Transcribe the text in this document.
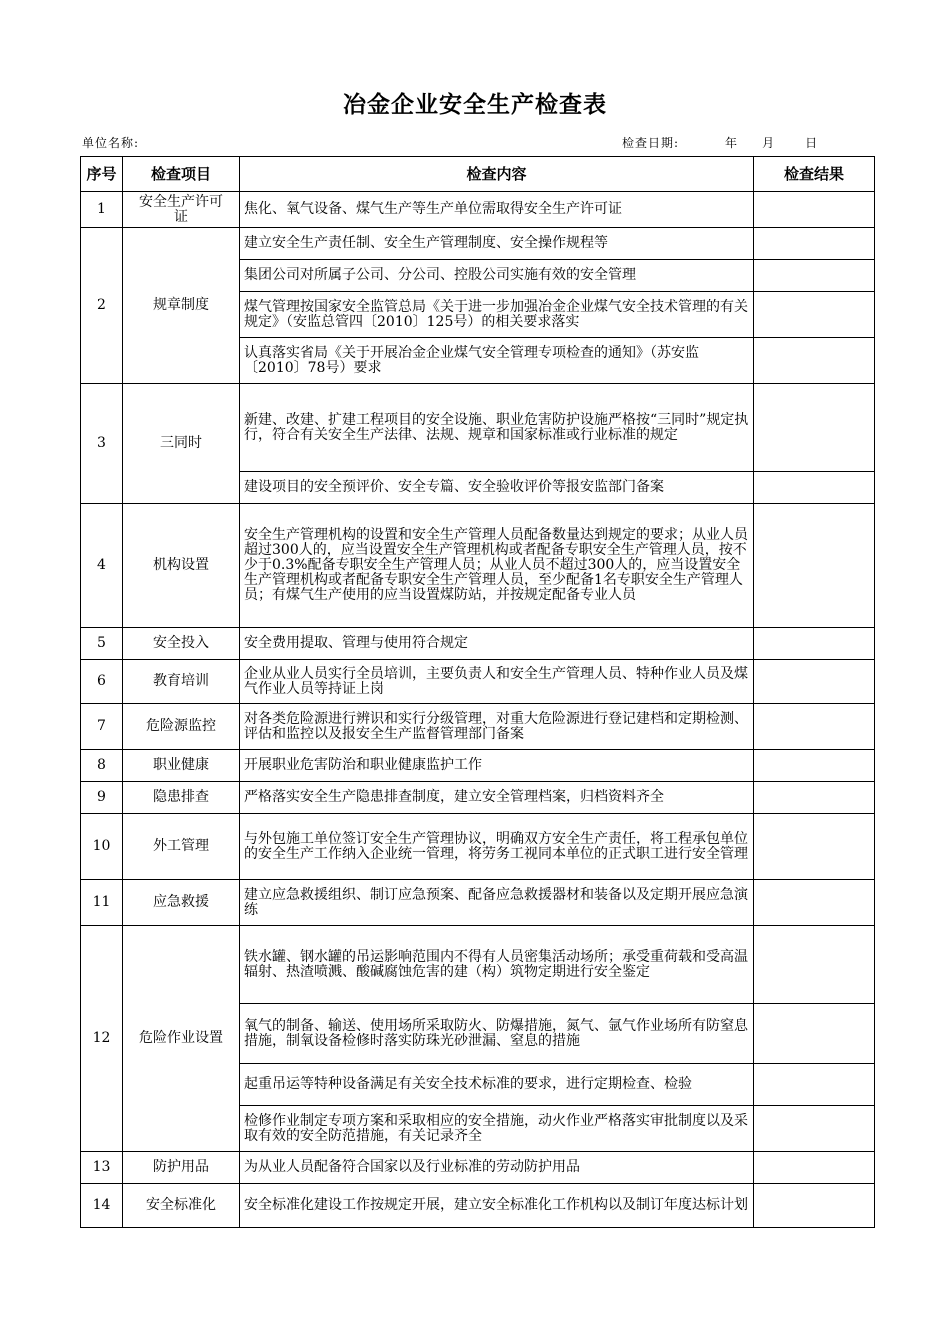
冶金企业安全生产检查表
单位名称:	检查日期:	年 月	日
序号	检查项目	检查内容	检查结果
1	安全生产许可证	焦化、氧气设备、煤气生产等生产单位需取得安全生产许可证	
2	规章制度	建立安全生产责任制、安全生产管理制度、安全操作规程等	
		集团公司对所属子公司、分公司、控股公司实施有效的安全管理	
		煤气管理按国家安全监管总局《关于进一步加强冶金企业煤气安全技术管理的有关规定》（安监总管四〔2010〕125号）的相关要求落实	
		认真落实省局《关于开展冶金企业煤气安全管理专项检查的通知》（苏安监〔2010〕78号）要求	
3	三同时	新建、改建、扩建工程项目的安全设施、职业危害防护设施严格按“三同时”规定执行，符合有关安全生产法律、法规、规章和国家标准或行业标准的规定	
		建设项目的安全预评价、安全专篇、安全验收评价等报安监部门备案	
4	机构设置	安全生产管理机构的设置和安全生产管理人员配备数量达到规定的要求；从业人员超过300人的，应当设置安全生产管理机构或者配备专职安全生产管理人员，按不少于0.3%配备专职安全生产管理人员；从业人员不超过300人的，应当设置安全生产管理机构或者配备专职安全生产管理人员，至少配备1名专职安全生产管理人员；有煤气生产使用的应当设置煤防站，并按规定配备专业人员	
5	安全投入	安全费用提取、管理与使用符合规定	
6	教育培训	企业从业人员实行全员培训，主要负责人和安全生产管理人员、特种作业人员及煤气作业人员等持证上岗	
7	危险源监控	对各类危险源进行辨识和实行分级管理，对重大危险源进行登记建档和定期检测、评估和监控以及报安全生产监督管理部门备案	
8	职业健康	开展职业危害防治和职业健康监护工作	
9	隐患排查	严格落实安全生产隐患排查制度，建立安全管理档案，归档资料齐全	
10	外工管理	与外包施工单位签订安全生产管理协议，明确双方安全生产责任，将工程承包单位的安全生产工作纳入企业统一管理，将劳务工视同本单位的正式职工进行安全管理	
11	应急救援	建立应急救援组织、制订应急预案、配备应急救援器材和装备以及定期开展应急演练	
12	危险作业设置	铁水罐、钢水罐的吊运影响范围内不得有人员密集活动场所；承受重荷载和受高温辐射、热渣喷溅、酸碱腐蚀危害的建（构）筑物定期进行安全鉴定	
		氧气的制备、输送、使用场所采取防火、防爆措施，氮气、氩气作业场所有防窒息措施，制氧设备检修时落实防珠光砂泄漏、窒息的措施	
		起重吊运等特种设备满足有关安全技术标准的要求，进行定期检查、检验	
		检修作业制定专项方案和采取相应的安全措施，动火作业严格落实审批制度以及采取有效的安全防范措施，有关记录齐全	
13	防护用品	为从业人员配备符合国家以及行业标准的劳动防护用品	
14	安全标准化	安全标准化建设工作按规定开展，建立安全标准化工作机构以及制订年度达标计划	
